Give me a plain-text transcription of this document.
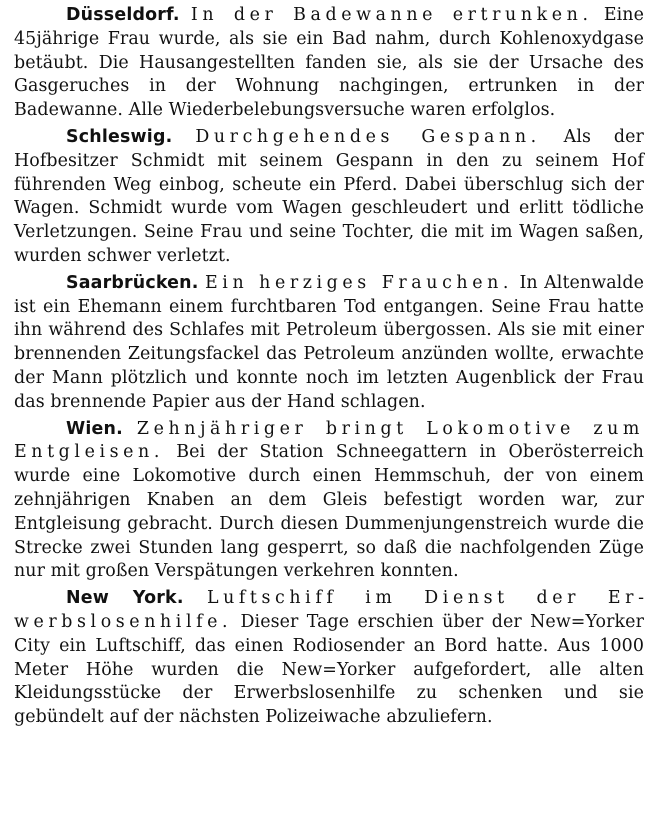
Düsseldorf. In der Badewanne ertrunken. Eine 45jährige Frau wurde, als sie ein Bad nahm, durch Kohlenoxydgase betäubt. Die Hausangestellten fanden sie, als sie der Ursache des Gasgeruches in der Wohnung nachgingen, ertrunken in der Badewanne. Alle Wiederbelebungsversuche waren erfolglos.

Schleswig. Durchgehendes Gespann. Als der Hofbesitzer Schmidt mit seinem Gespann in den zu seinem Hof führenden Weg einbog, scheute ein Pferd. Dabei überschlug sich der Wagen. Schmidt wurde vom Wagen geschleudert und erlitt tödliche Verletzungen. Seine Frau und seine Tochter, die mit im Wagen saßen, wurden schwer verletzt.

Saarbrücken. Ein herziges Frauchen. In Altenwalde ist ein Ehemann einem furchtbaren Tod entgangen. Seine Frau hatte ihn während des Schlafes mit Petroleum übergossen. Als sie mit einer brennenden Zeitungsfackel das Petroleum anzünden wollte, erwachte der Mann plötzlich und konnte noch im letzten Augenblick der Frau das brennende Papier aus der Hand schlagen.

Wien. Zehnjähriger bringt Lokomotive zum Entgleisen. Bei der Station Schneegattern in Oberösterreich wurde eine Lokomotive durch einen Hemmschuh, der von einem zehnjährigen Knaben an dem Gleis befestigt worden war, zur Entgleisung gebracht. Durch diesen Dummenjungenstreich wurde die Strecke zwei Stunden lang gesperrt, so daß die nachfolgenden Züge nur mit großen Verspätungen verkehren konnten.

New York. Luftschiff im Dienst der Erwerbslosenhilfe. Dieser Tage erschien über der New=Yorker City ein Luftschiff, das einen Rodiosender an Bord hatte. Aus 1000 Meter Höhe wurden die New=Yorker aufgefordert, alle alten Kleidungsstücke der Erwerbslosenhilfe zu schenken und sie gebündelt auf der nächsten Polizeiwache abzuliefern.
